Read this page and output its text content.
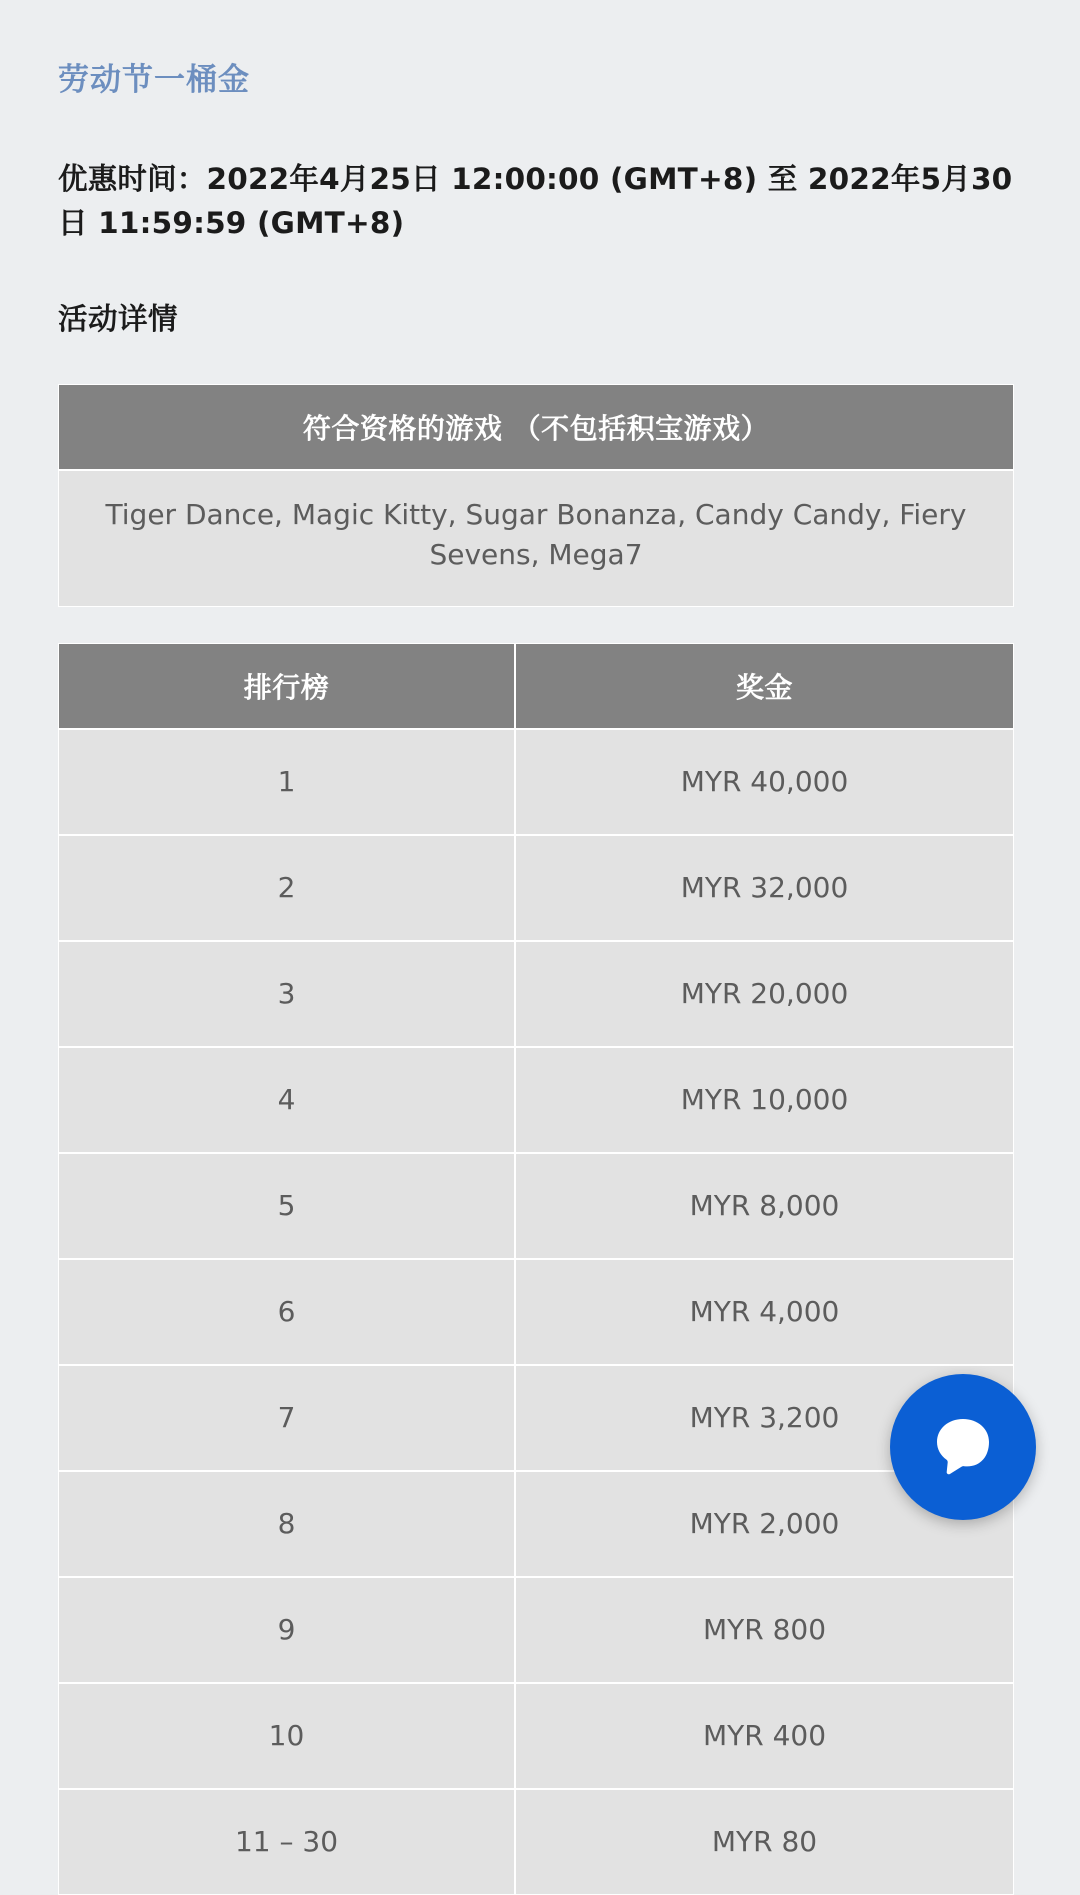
劳动节一桶金
优惠时间：2022年4月25日 12:00:00 (GMT+8) 至 2022年5月30日 11:59:59 (GMT+8)
活动详情
符合资格的游戏 （不包括积宝游戏）
Tiger Dance, Magic Kitty, Sugar Bonanza, Candy Candy, Fiery Sevens, Mega7
排行榜	奖金
1	MYR 40,000
2	MYR 32,000
3	MYR 20,000
4	MYR 10,000
5	MYR 8,000
6	MYR 4,000
7	MYR 3,200
8	MYR 2,000
9	MYR 800
10	MYR 400
11 – 30	MYR 80
